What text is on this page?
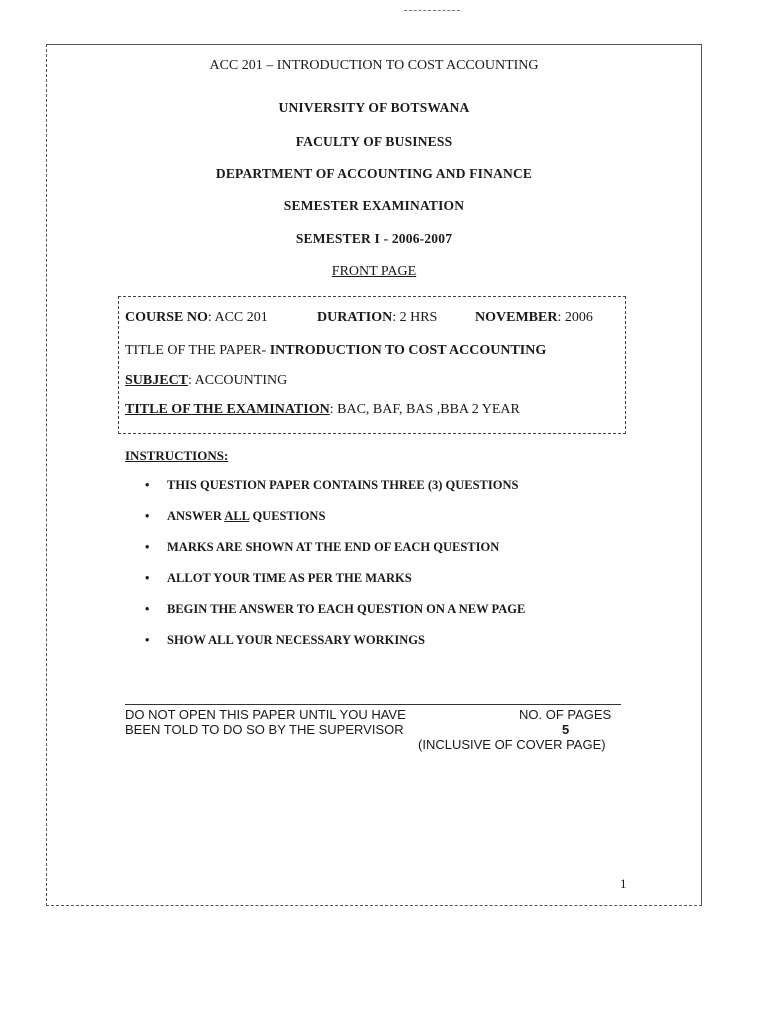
ACC 201 – INTRODUCTION TO COST ACCOUNTING
UNIVERSITY OF BOTSWANA
FACULTY OF BUSINESS
DEPARTMENT OF ACCOUNTING AND FINANCE
SEMESTER EXAMINATION
SEMESTER I - 2006-2007
FRONT PAGE
COURSE NO: ACC 201	DURATION: 2 HRS	NOVEMBER: 2006
TITLE OF THE PAPER- INTRODUCTION TO COST ACCOUNTING
SUBJECT: ACCOUNTING
TITLE OF THE EXAMINATION: BAC, BAF, BAS ,BBA 2 YEAR
INSTRUCTIONS:
• THIS QUESTION PAPER CONTAINS THREE (3) QUESTIONS
• ANSWER ALL QUESTIONS
• MARKS ARE SHOWN AT THE END OF EACH QUESTION
• ALLOT YOUR TIME AS PER THE MARKS
• BEGIN THE ANSWER TO EACH QUESTION ON A NEW PAGE
• SHOW ALL YOUR NECESSARY WORKINGS
DO NOT OPEN THIS PAPER UNTIL YOU HAVE
BEEN TOLD TO DO SO BY THE SUPERVISOR
NO. OF PAGES
5
(INCLUSIVE OF COVER PAGE)
1
